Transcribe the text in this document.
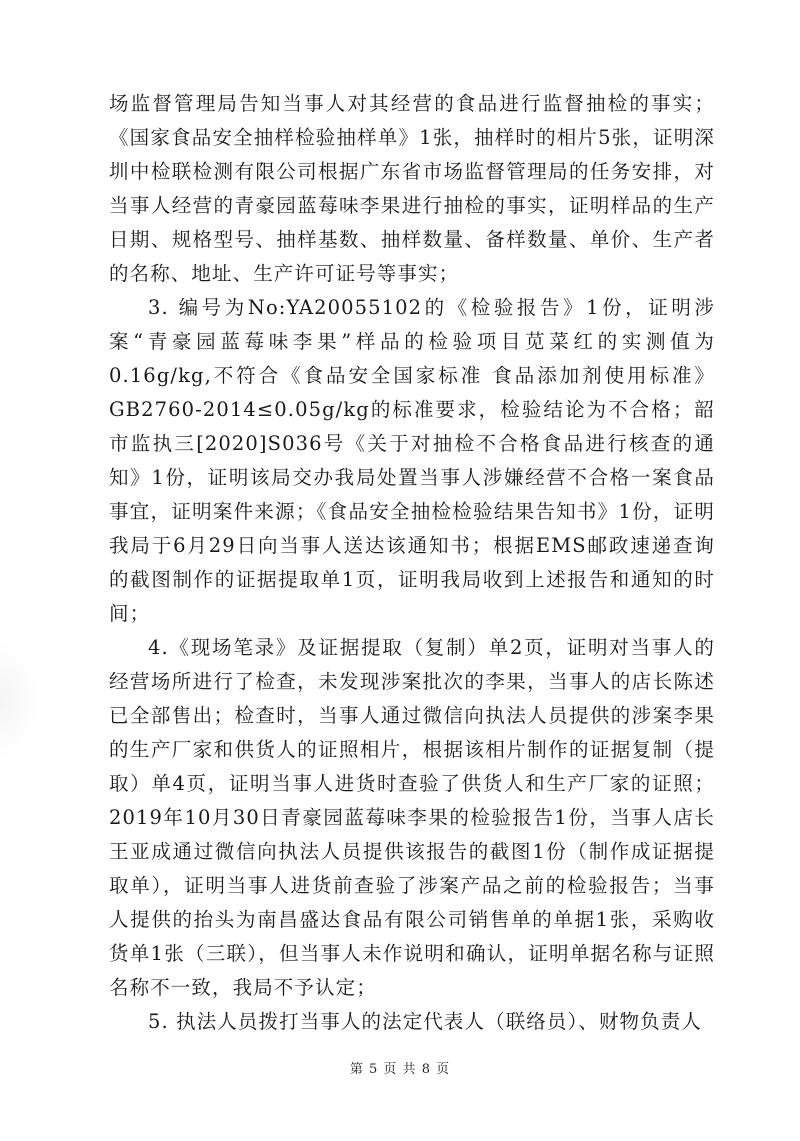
场监督管理局告知当事人对其经营的食品进行监督抽检的事实；《国家食品安全抽样检验抽样单》1张，抽样时的相片5张，证明深圳中检联检测有限公司根据广东省市场监督管理局的任务安排，对当事人经营的青豪园蓝莓味李果进行抽检的事实，证明样品的生产日期、规格型号、抽样基数、抽样数量、备样数量、单价、生产者的名称、地址、生产许可证号等事实；

3. 编号为No:YA20055102的《检验报告》1份，证明涉案“青豪园蓝莓味李果”样品的检验项目苋菜红的实测值为0.16g/kg,不符合《食品安全国家标准 食品添加剂使用标准》GB2760-2014≤0.05g/kg的标准要求，检验结论为不合格；韶市监执三[2020]S036号《关于对抽检不合格食品进行核查的通知》1份，证明该局交办我局处置当事人涉嫌经营不合格一案食品事宜，证明案件来源；《食品安全抽检检验结果告知书》1份，证明我局于6月29日向当事人送达该通知书；根据EMS邮政速递查询的截图制作的证据提取单1页，证明我局收到上述报告和通知的时间；

4.《现场笔录》及证据提取（复制）单2页，证明对当事人的经营场所进行了检查，未发现涉案批次的李果，当事人的店长陈述已全部售出；检查时，当事人通过微信向执法人员提供的涉案李果的生产厂家和供货人的证照相片，根据该相片制作的证据复制（提取）单4页，证明当事人进货时查验了供货人和生产厂家的证照；2019年10月30日青豪园蓝莓味李果的检验报告1份，当事人店长王亚成通过微信向执法人员提供该报告的截图1份（制作成证据提取单），证明当事人进货前查验了涉案产品之前的检验报告；当事人提供的抬头为南昌盛达食品有限公司销售单的单据1张，采购收货单1张（三联），但当事人未作说明和确认，证明单据名称与证照名称不一致，我局不予认定；

5. 执法人员拨打当事人的法定代表人（联络员）、财物负责人

第 5 页 共 8 页
